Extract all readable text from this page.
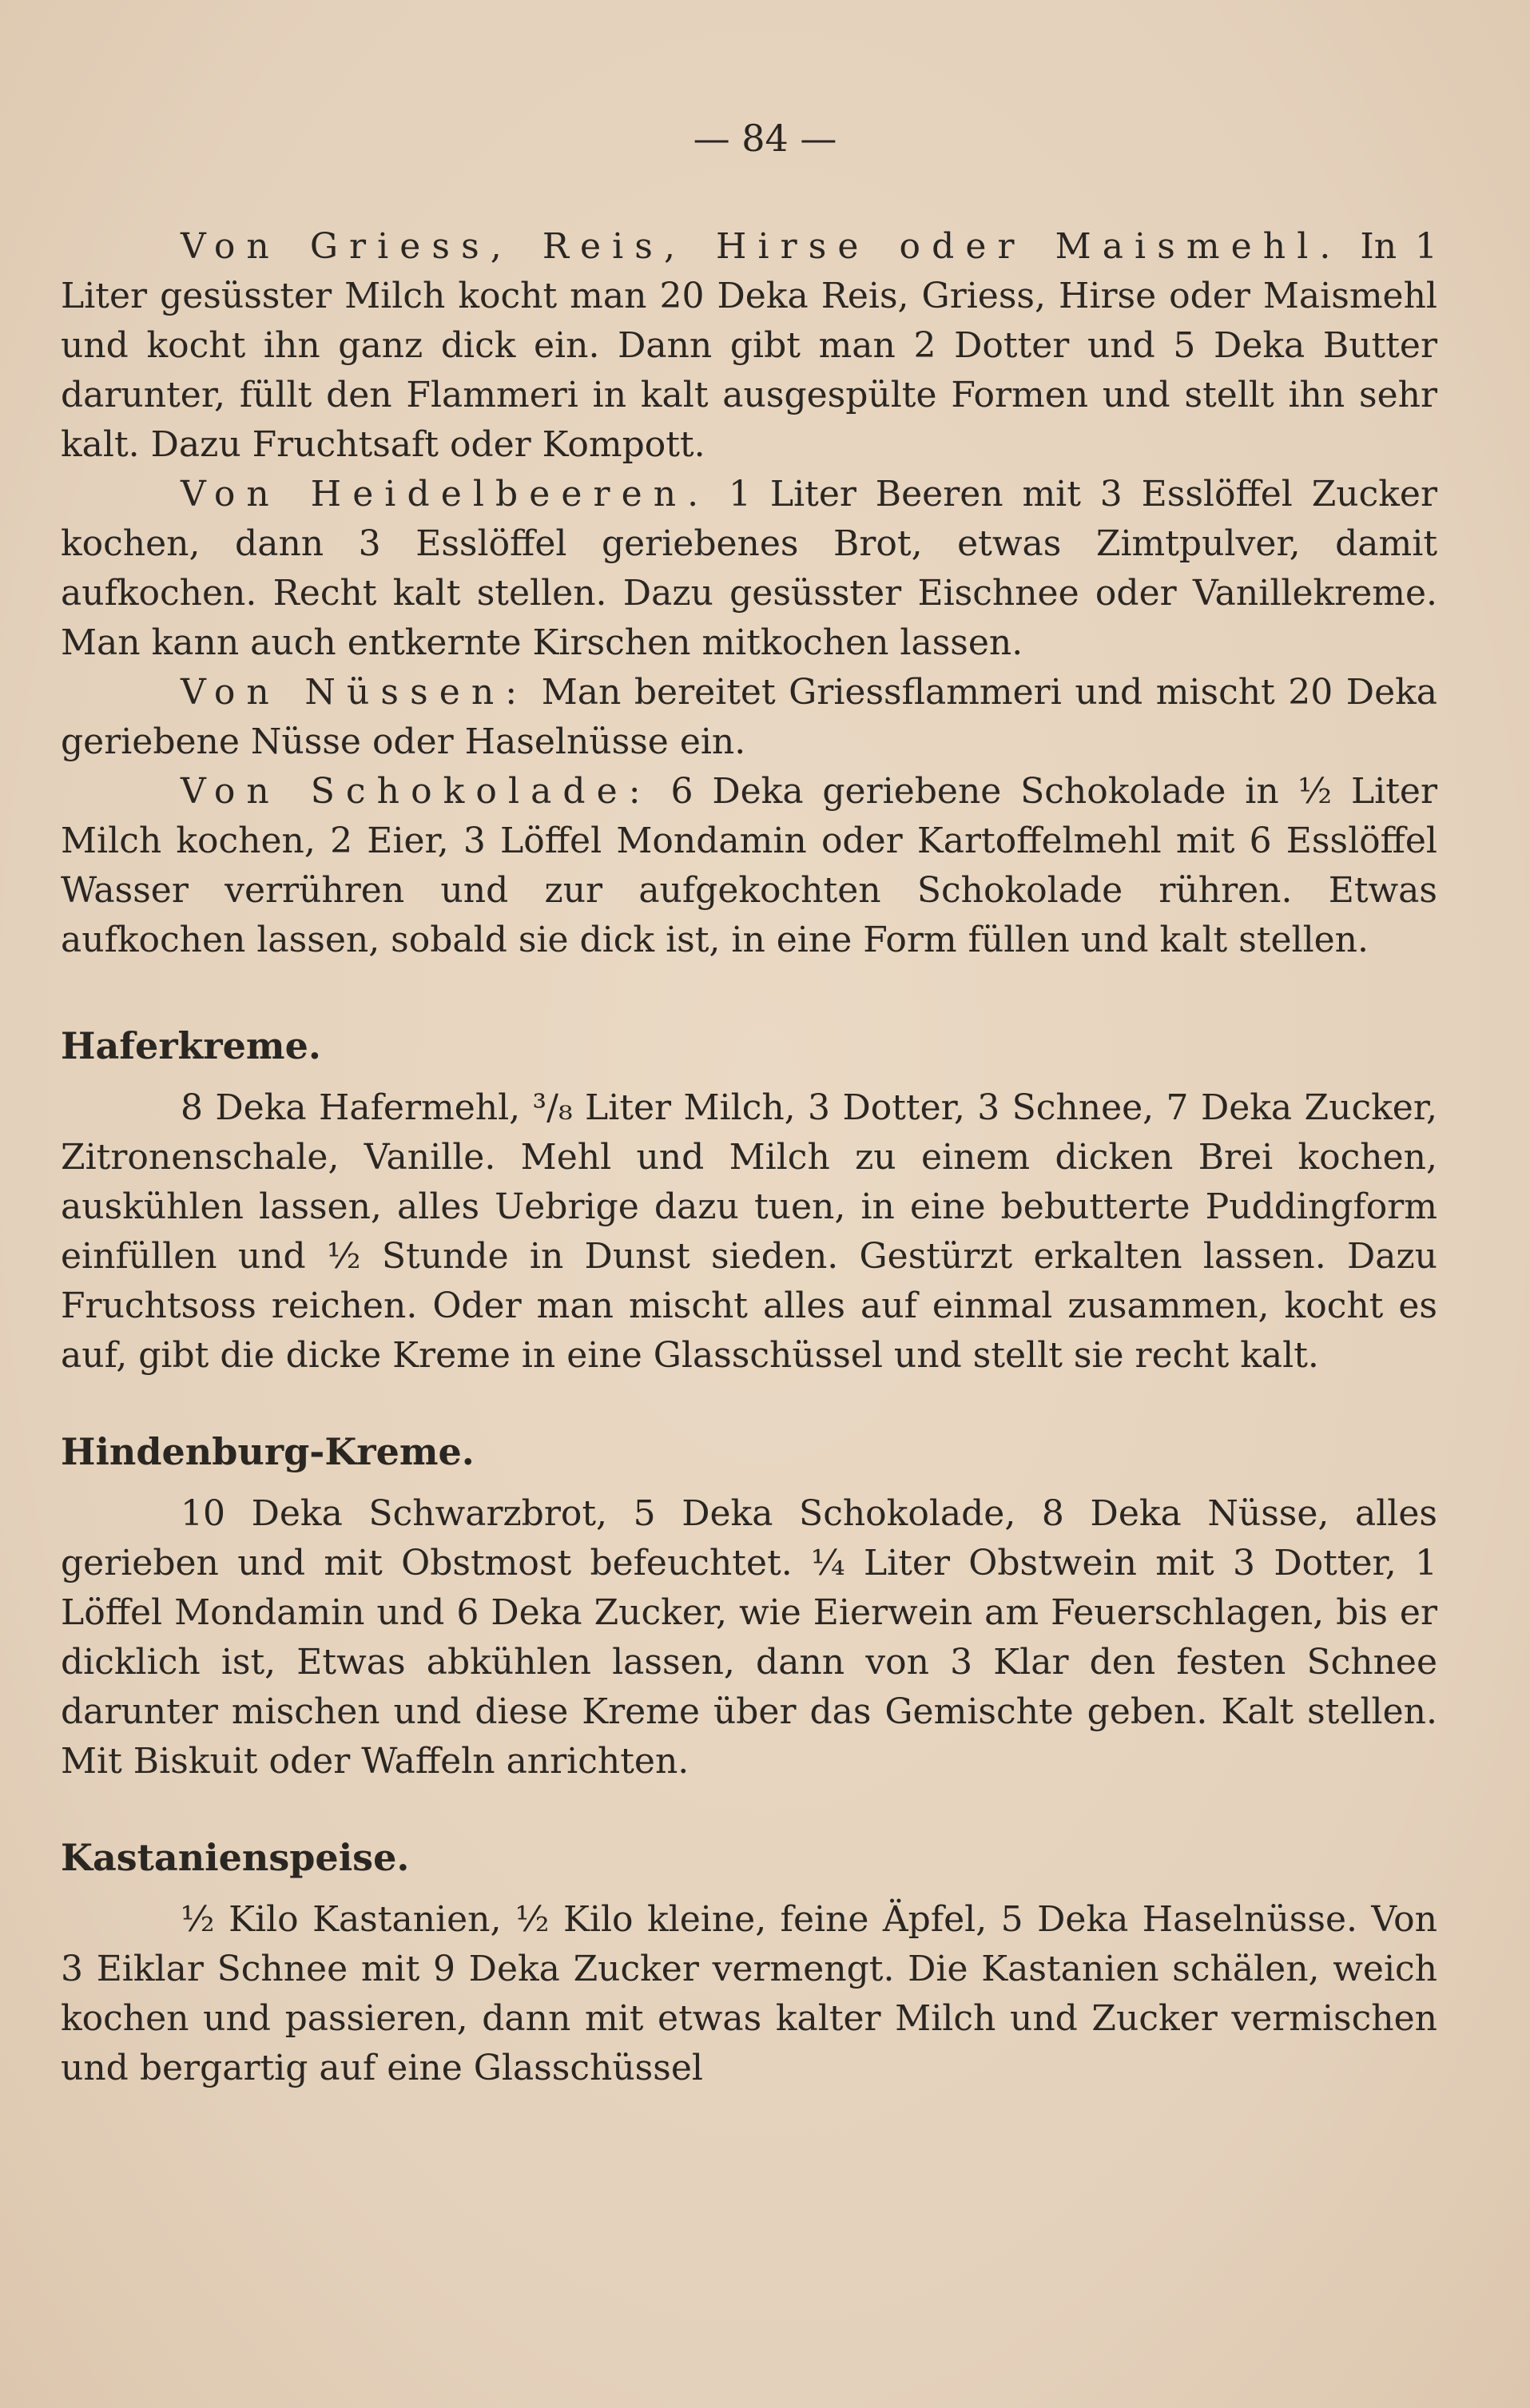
— 84 —

Von Griess, Reis, Hirse oder Maismehl. In 1 Liter gesüsster Milch kocht man 20 Deka Reis, Griess, Hirse oder Maismehl und kocht ihn ganz dick ein. Dann gibt man 2 Dotter und 5 Deka Butter darunter, füllt den Flammeri in kalt ausgespülte Formen und stellt ihn sehr kalt. Dazu Fruchtsaft oder Kompott.

Von Heidelbeeren. 1 Liter Beeren mit 3 Esslöffel Zucker kochen, dann 3 Esslöffel geriebenes Brot, etwas Zimtpulver, damit aufkochen. Recht kalt stellen. Dazu gesüsster Eischnee oder Vanillekreme. Man kann auch entkernte Kirschen mitkochen lassen.

Von Nüssen: Man bereitet Griessflammeri und mischt 20 Deka geriebene Nüsse oder Haselnüsse ein.

Von Schokolade: 6 Deka geriebene Schokolade in ½ Liter Milch kochen, 2 Eier, 3 Löffel Mondamin oder Kartoffelmehl mit 6 Esslöffel Wasser verrühren und zur aufgekochten Schokolade rühren. Etwas aufkochen lassen, sobald sie dick ist, in eine Form füllen und kalt stellen.

Haferkreme.

8 Deka Hafermehl, ³/₈ Liter Milch, 3 Dotter, 3 Schnee, 7 Deka Zucker, Zitronenschale, Vanille. Mehl und Milch zu einem dicken Brei kochen, auskühlen lassen, alles Uebrige dazu tuen, in eine bebutterte Puddingform einfüllen und ½ Stunde in Dunst sieden. Gestürzt erkalten lassen. Dazu Fruchtsoss reichen. Oder man mischt alles auf einmal zusammen, kocht es auf, gibt die dicke Kreme in eine Glasschüssel und stellt sie recht kalt.

Hindenburg-Kreme.

10 Deka Schwarzbrot, 5 Deka Schokolade, 8 Deka Nüsse, alles gerieben und mit Obstmost befeuchtet. ¼ Liter Obstwein mit 3 Dotter, 1 Löffel Mondamin und 6 Deka Zucker, wie Eierwein am Feuerschlagen, bis er dicklich ist, Etwas abkühlen lassen, dann von 3 Klar den festen Schnee darunter mischen und diese Kreme über das Gemischte geben. Kalt stellen. Mit Biskuit oder Waffeln anrichten.

Kastanienspeise.

½ Kilo Kastanien, ½ Kilo kleine, feine Äpfel, 5 Deka Haselnüsse. Von 3 Eiklar Schnee mit 9 Deka Zucker vermengt. Die Kastanien schälen, weich kochen und passieren, dann mit etwas kalter Milch und Zucker vermischen und bergartig auf eine Glasschüssel
